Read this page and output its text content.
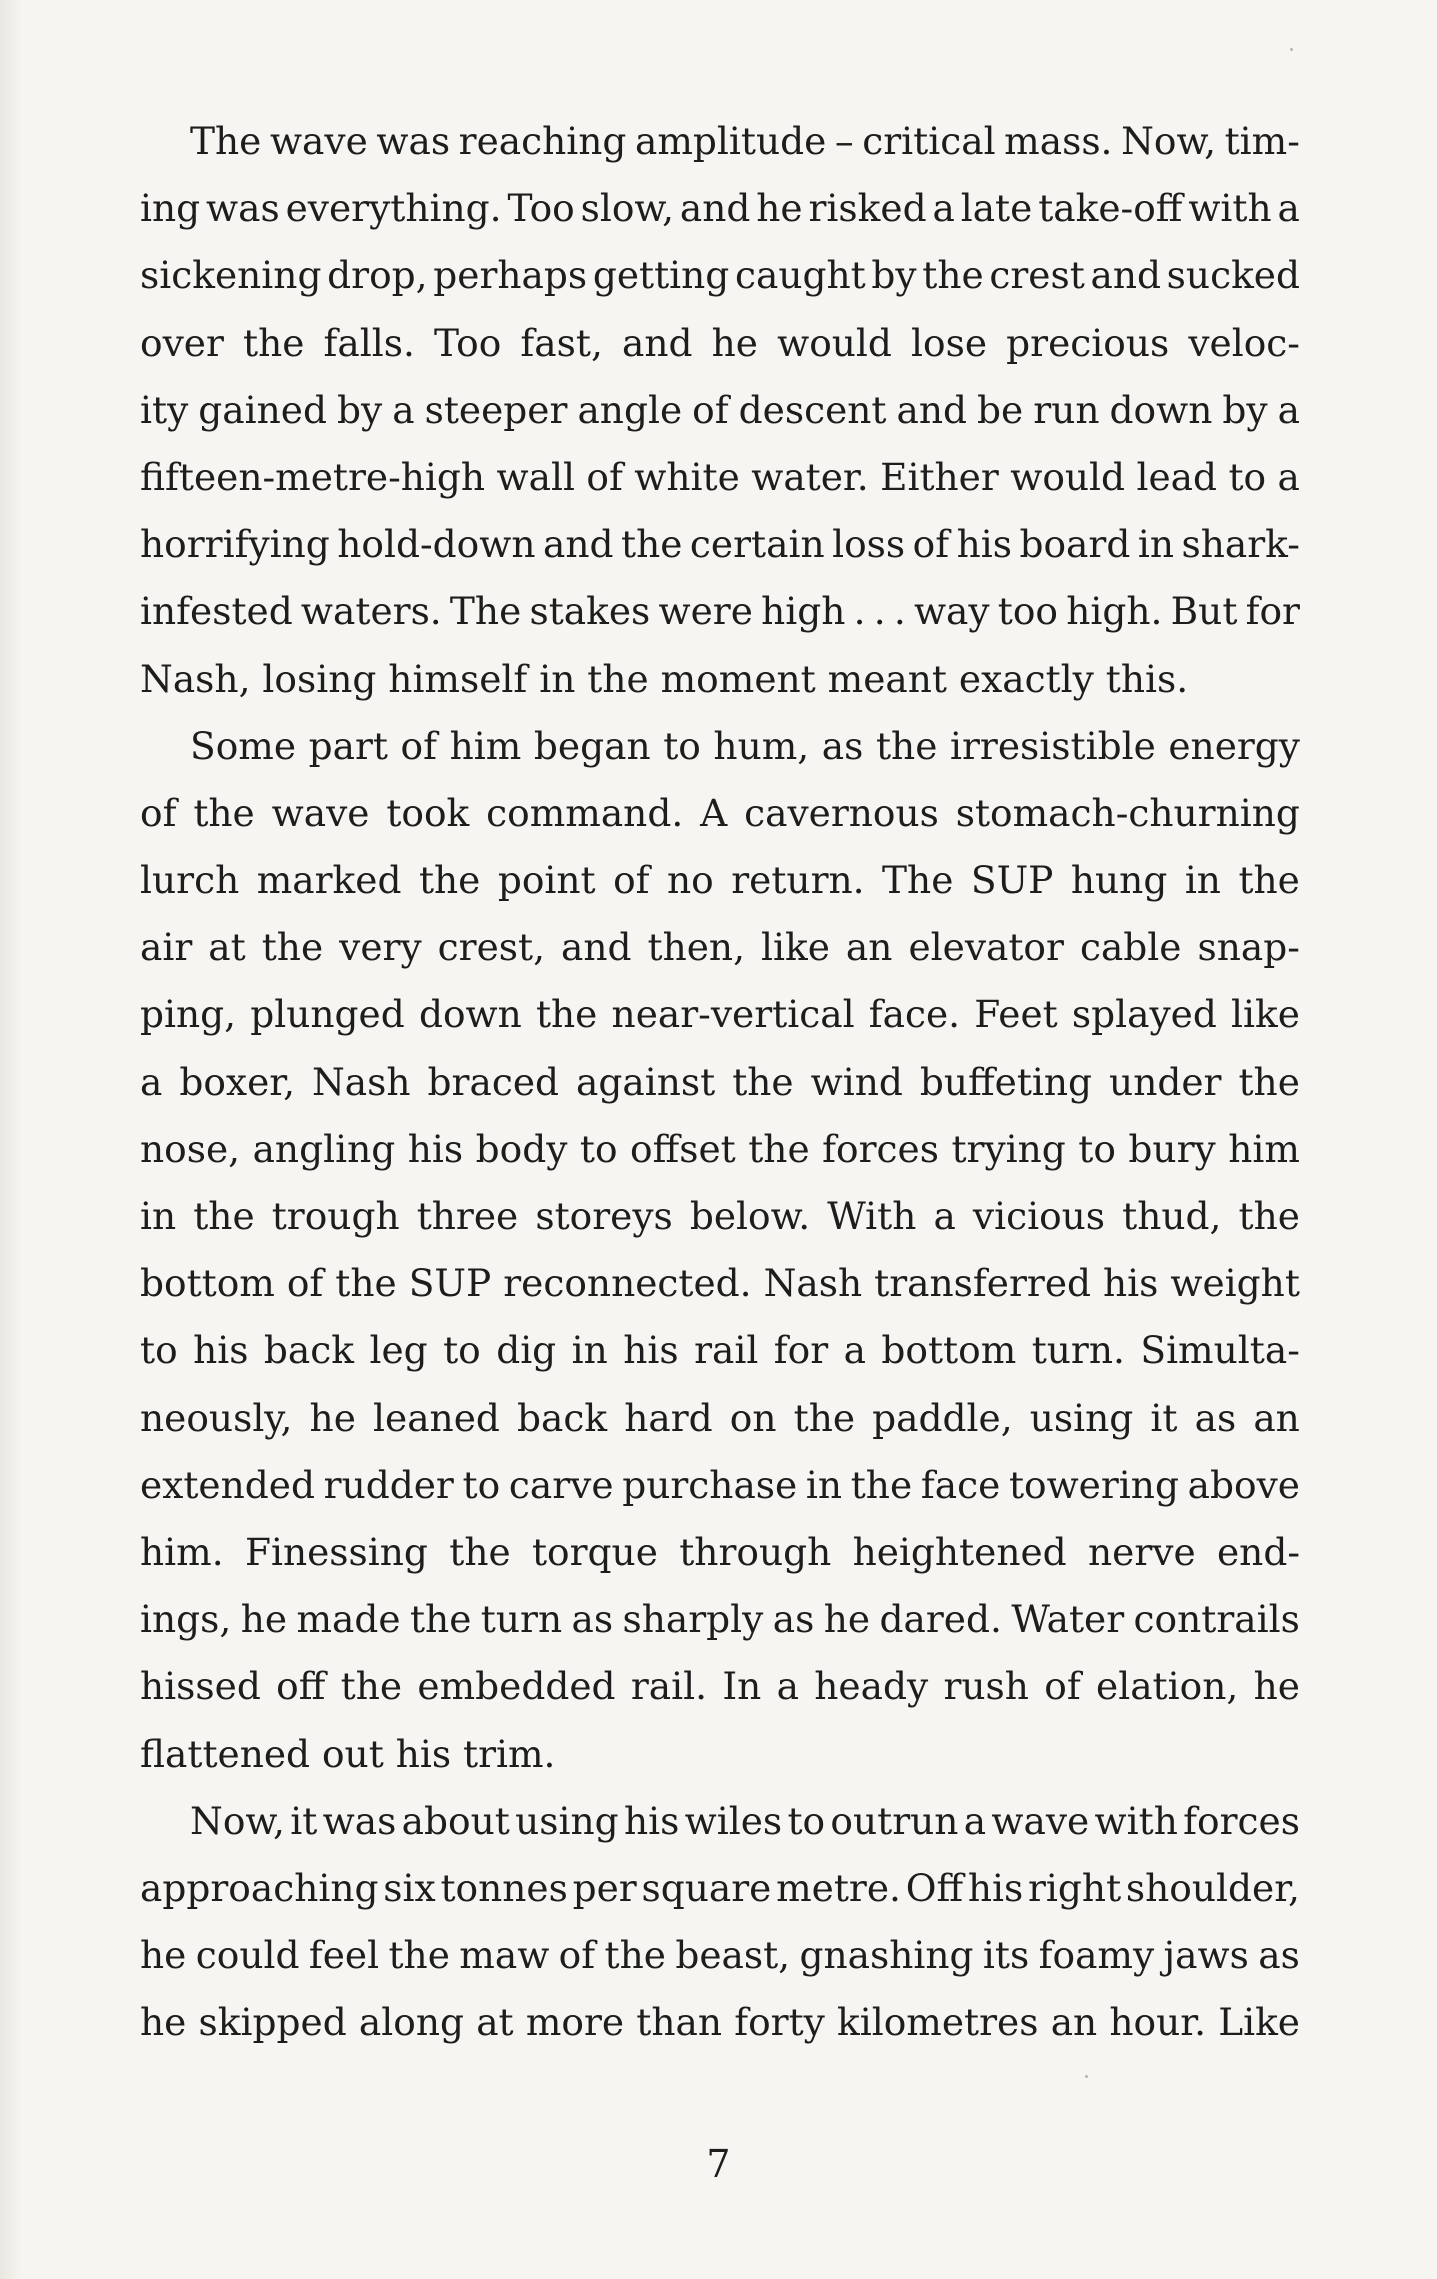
The wave was reaching amplitude – critical mass. Now, tim-
ing was everything. Too slow, and he risked a late take-off with a
sickening drop, perhaps getting caught by the crest and sucked
over the falls. Too fast, and he would lose precious veloc-
ity gained by a steeper angle of descent and be run down by a
fifteen-metre-high wall of white water. Either would lead to a
horrifying hold-down and the certain loss of his board in shark-
infested waters. The stakes were high . . . way too high. But for
Nash, losing himself in the moment meant exactly this.
Some part of him began to hum, as the irresistible energy
of the wave took command. A cavernous stomach-churning
lurch marked the point of no return. The SUP hung in the
air at the very crest, and then, like an elevator cable snap-
ping, plunged down the near-vertical face. Feet splayed like
a boxer, Nash braced against the wind buffeting under the
nose, angling his body to offset the forces trying to bury him
in the trough three storeys below. With a vicious thud, the
bottom of the SUP reconnected. Nash transferred his weight
to his back leg to dig in his rail for a bottom turn. Simulta-
neously, he leaned back hard on the paddle, using it as an
extended rudder to carve purchase in the face towering above
him. Finessing the torque through heightened nerve end-
ings, he made the turn as sharply as he dared. Water contrails
hissed off the embedded rail. In a heady rush of elation, he
flattened out his trim.
Now, it was about using his wiles to outrun a wave with forces
approaching six tonnes per square metre. Off his right shoulder,
he could feel the maw of the beast, gnashing its foamy jaws as
he skipped along at more than forty kilometres an hour. Like
7
